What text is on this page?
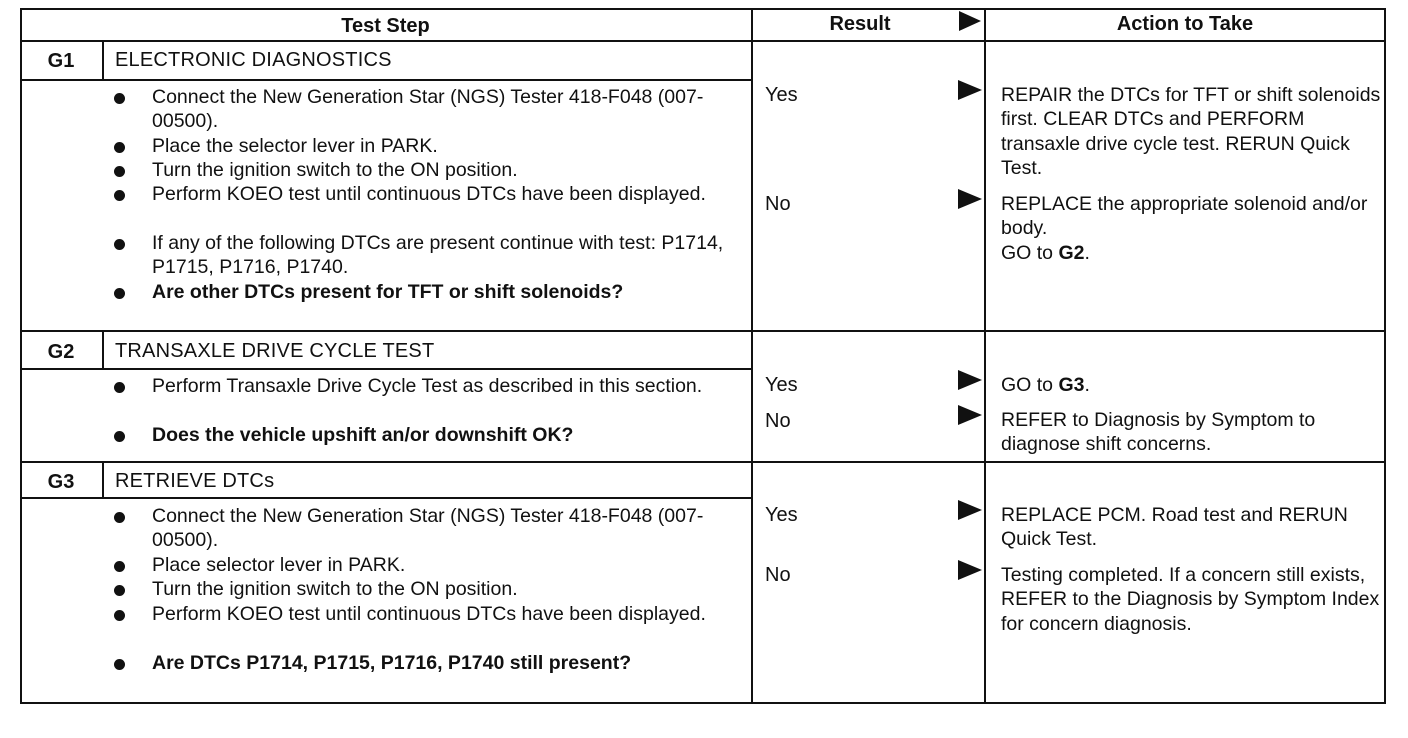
Test Step	Result	Action to Take
G1	ELECTRONIC DIAGNOSTICS
Connect the New Generation Star (NGS) Tester 418-F048 (007-00500).
Place the selector lever in PARK.
Turn the ignition switch to the ON position.
Perform KOEO test until continuous DTCs have been displayed.
If any of the following DTCs are present continue with test: P1714, P1715, P1716, P1740.
Are other DTCs present for TFT or shift solenoids?
Yes	REPAIR the DTCs for TFT or shift solenoids first. CLEAR DTCs and PERFORM transaxle drive cycle test. RERUN Quick Test.
No	REPLACE the appropriate solenoid and/or body.
GO to G2.
G2	TRANSAXLE DRIVE CYCLE TEST
Perform Transaxle Drive Cycle Test as described in this section.
Does the vehicle upshift an/or downshift OK?
Yes	GO to G3.
No	REFER to Diagnosis by Symptom to diagnose shift concerns.
G3	RETRIEVE DTCs
Connect the New Generation Star (NGS) Tester 418-F048 (007-00500).
Place selector lever in PARK.
Turn the ignition switch to the ON position.
Perform KOEO test until continuous DTCs have been displayed.
Are DTCs P1714, P1715, P1716, P1740 still present?
Yes	REPLACE PCM. Road test and RERUN Quick Test.
No	Testing completed. If a concern still exists, REFER to the Diagnosis by Symptom Index for concern diagnosis.
